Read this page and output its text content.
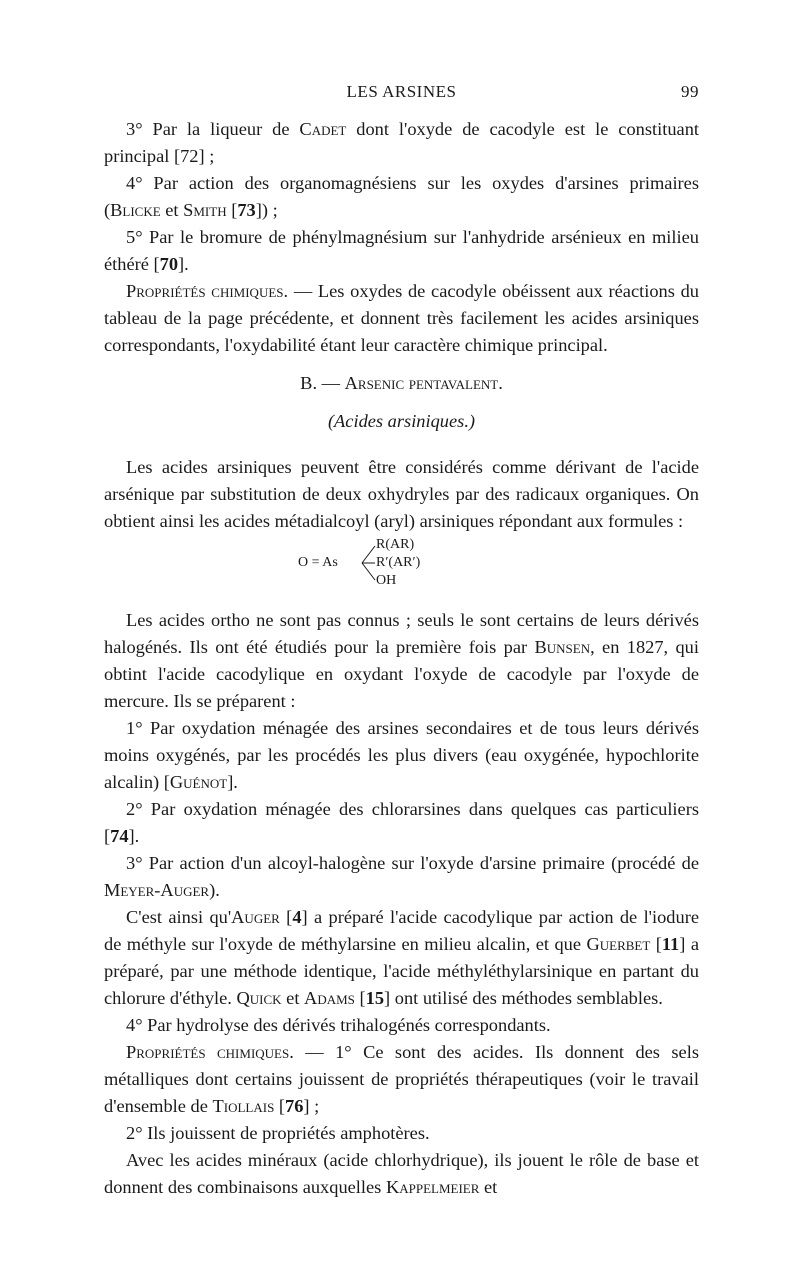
LES ARSINES	99

3° Par la liqueur de Cadet dont l'oxyde de cacodyle est le constituant principal [72] ;

4° Par action des organomagnésiens sur les oxydes d'arsines primaires (Blicke et Smith [73]) ;

5° Par le bromure de phénylmagnésium sur l'anhydride arsénieux en milieu éthéré [70].

Propriétés chimiques. — Les oxydes de cacodyle obéissent aux réactions du tableau de la page précédente, et donnent très facilement les acides arsiniques correspondants, l'oxydabilité étant leur caractère chimique principal.

B. — Arsenic pentavalent.
(Acides arsiniques.)

Les acides arsiniques peuvent être considérés comme dérivant de l'acide arsénique par substitution de deux oxhydryles par des radicaux organiques. On obtient ainsi les acides métadialcoyl (aryl) arsiniques répondant aux formules :

O = As
R(AR)
R′(AR′)
OH

Les acides ortho ne sont pas connus ; seuls le sont certains de leurs dérivés halogénés. Ils ont été étudiés pour la première fois par Bunsen, en 1827, qui obtint l'acide cacodylique en oxydant l'oxyde de cacodyle par l'oxyde de mercure. Ils se préparent :

1° Par oxydation ménagée des arsines secondaires et de tous leurs dérivés moins oxygénés, par les procédés les plus divers (eau oxygénée, hypochlorite alcalin) [Guénot].

2° Par oxydation ménagée des chlorarsines dans quelques cas particuliers [74].

3° Par action d'un alcoyl-halogène sur l'oxyde d'arsine primaire (procédé de Meyer-Auger).

C'est ainsi qu'Auger [4] a préparé l'acide cacodylique par action de l'iodure de méthyle sur l'oxyde de méthylarsine en milieu alcalin, et que Guerbet [11] a préparé, par une méthode identique, l'acide méthyléthylarsinique en partant du chlorure d'éthyle. Quick et Adams [15] ont utilisé des méthodes semblables.

4° Par hydrolyse des dérivés trihalogénés correspondants.

Propriétés chimiques. — 1° Ce sont des acides. Ils donnent des sels métalliques dont certains jouissent de propriétés thérapeutiques (voir le travail d'ensemble de Tiollais [76] ;

2° Ils jouissent de propriétés amphotères.

Avec les acides minéraux (acide chlorhydrique), ils jouent le rôle de base et donnent des combinaisons auxquelles Kappelmeier et
